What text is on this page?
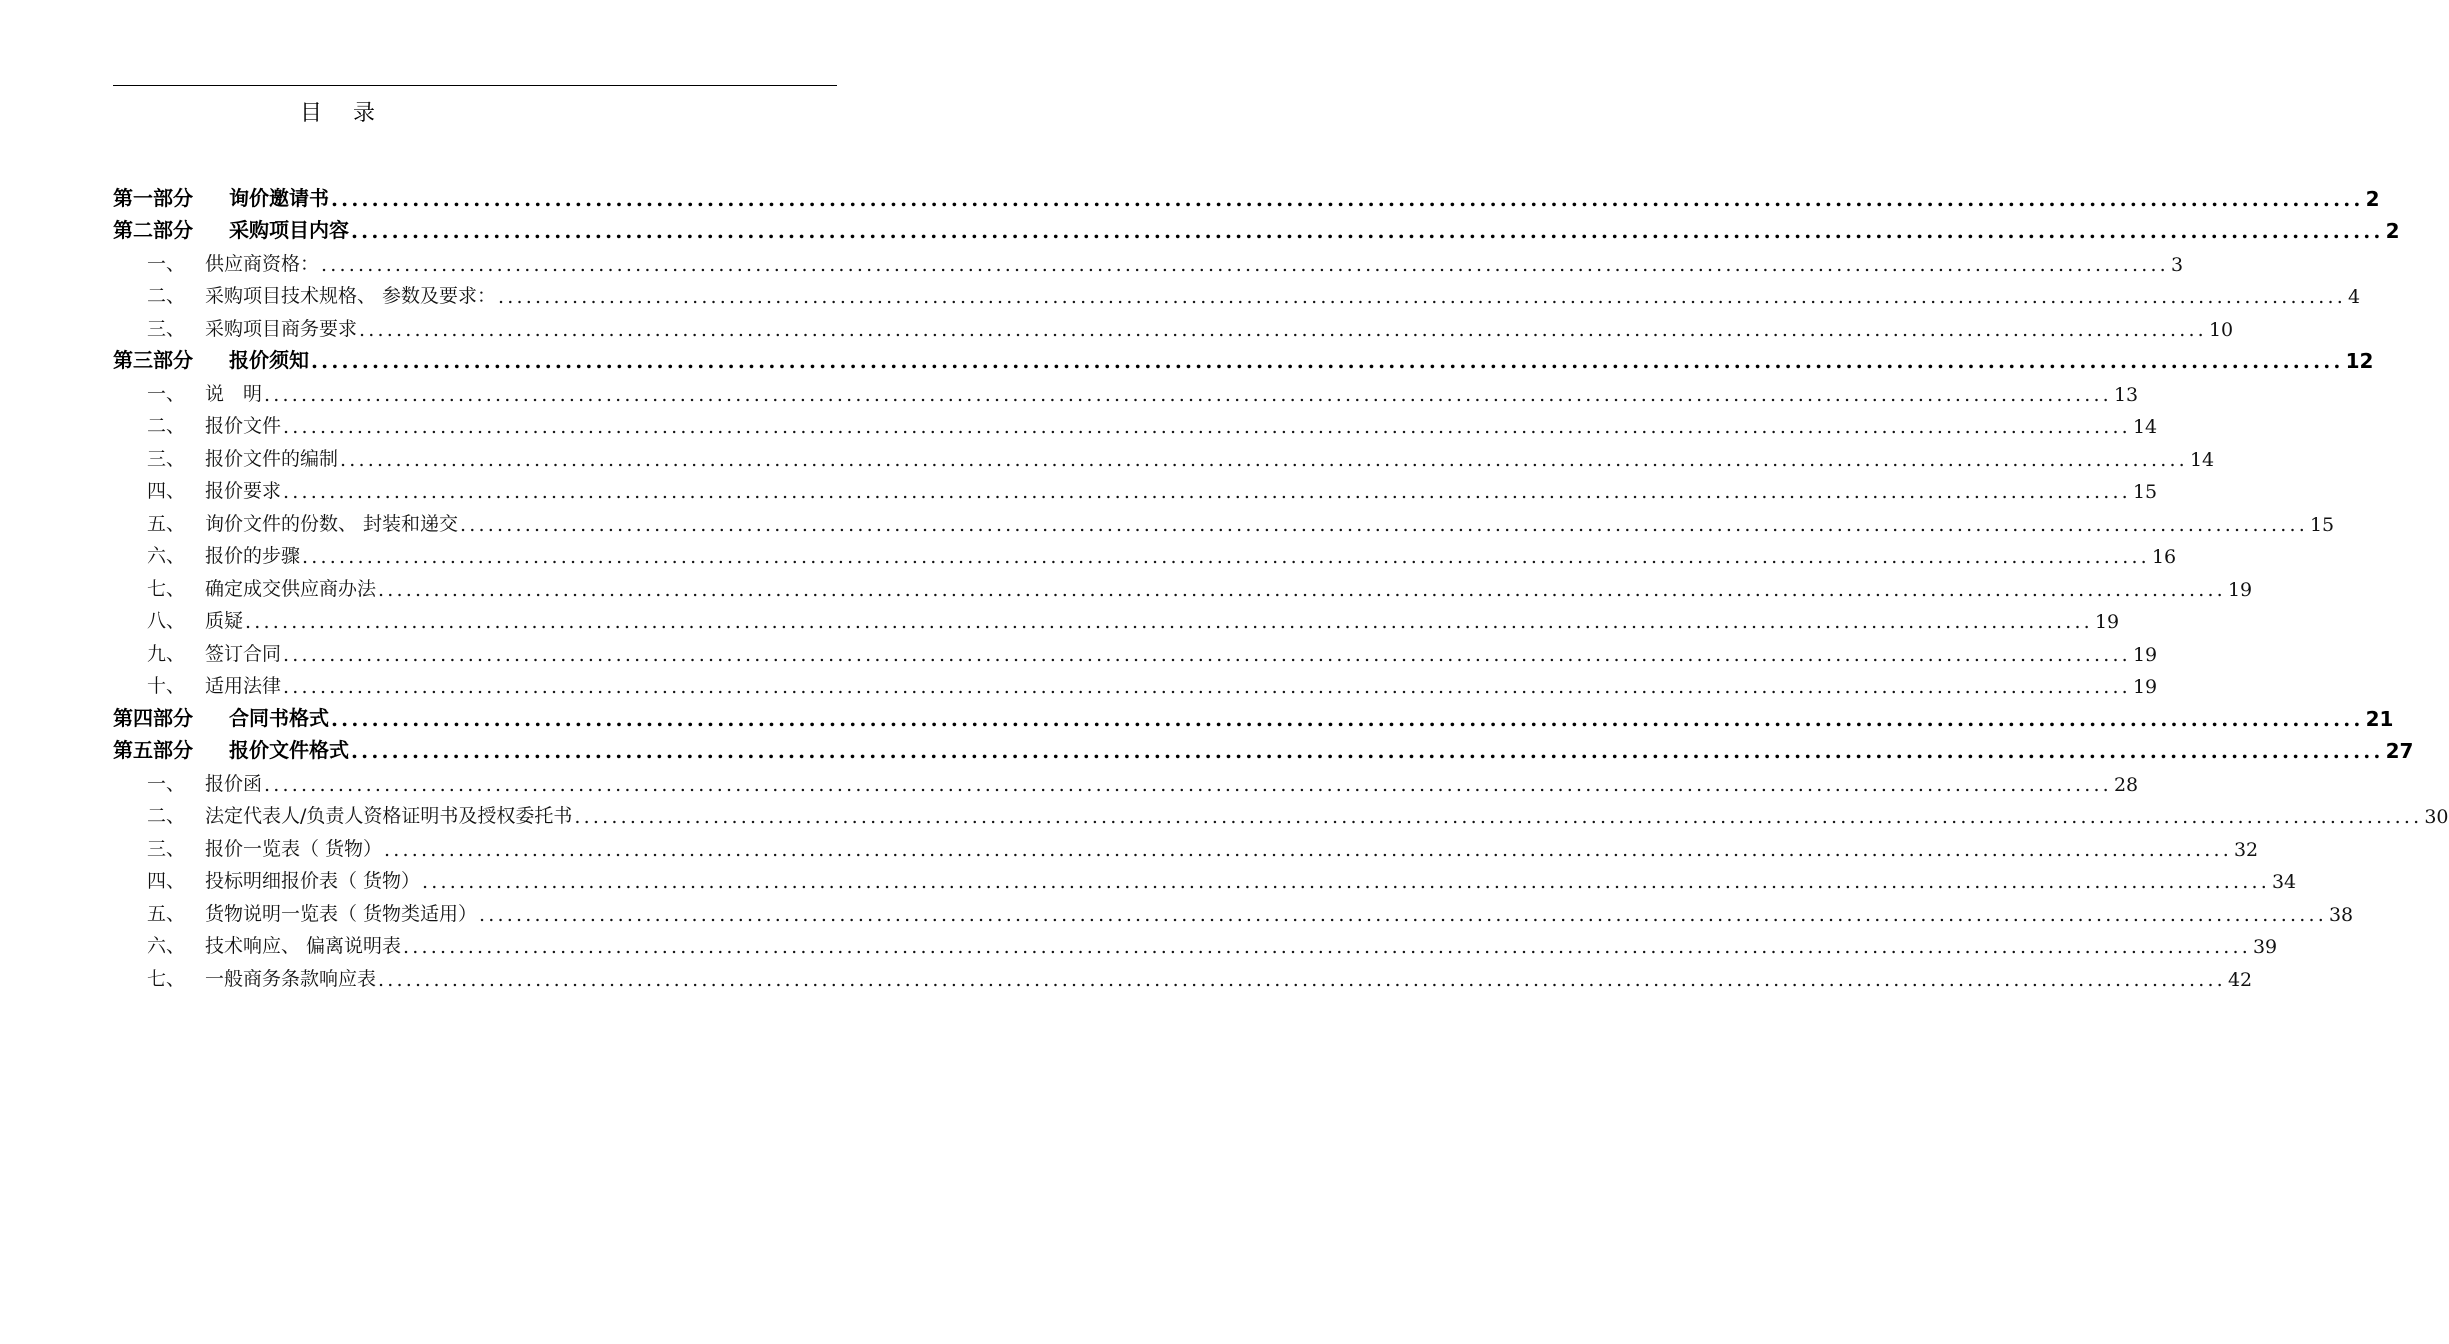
目 录
第一部分	询价邀请书 ........................................................................................................................................................................................................ 2
第二部分	采购项目内容 ........................................................................................................................................................................................................ 2
一、	供应商资格： ........................................................................................................................................................................................................ 3
二、	采购项目技术规格、 参数及要求： ........................................................................................................................................................................................................ 4
三、	采购项目商务要求 ........................................................................................................................................................................................................ 10
第三部分	报价须知 ........................................................................................................................................................................................................ 12
一、	说　明 ........................................................................................................................................................................................................ 13
二、	报价文件 ........................................................................................................................................................................................................ 14
三、	报价文件的编制 ........................................................................................................................................................................................................ 14
四、	报价要求 ........................................................................................................................................................................................................ 15
五、	询价文件的份数、 封装和递交 ........................................................................................................................................................................................................ 15
六、	报价的步骤 ........................................................................................................................................................................................................ 16
七、	确定成交供应商办法 ........................................................................................................................................................................................................ 19
八、	质疑 ........................................................................................................................................................................................................ 19
九、	签订合同 ........................................................................................................................................................................................................ 19
十、	适用法律 ........................................................................................................................................................................................................ 19
第四部分	合同书格式 ........................................................................................................................................................................................................ 21
第五部分	报价文件格式 ........................................................................................................................................................................................................ 27
一、	报价函 ........................................................................................................................................................................................................ 28
二、	法定代表人/负责人资格证明书及授权委托书 ........................................................................................................................................................................................................ 30
三、	报价一览表（ 货物） ........................................................................................................................................................................................................ 32
四、	投标明细报价表（ 货物） ........................................................................................................................................................................................................ 34
五、	货物说明一览表（ 货物类适用） ........................................................................................................................................................................................................ 38
六、	技术响应、 偏离说明表 ........................................................................................................................................................................................................ 39
七、	一般商务条款响应表 ........................................................................................................................................................................................................ 42
